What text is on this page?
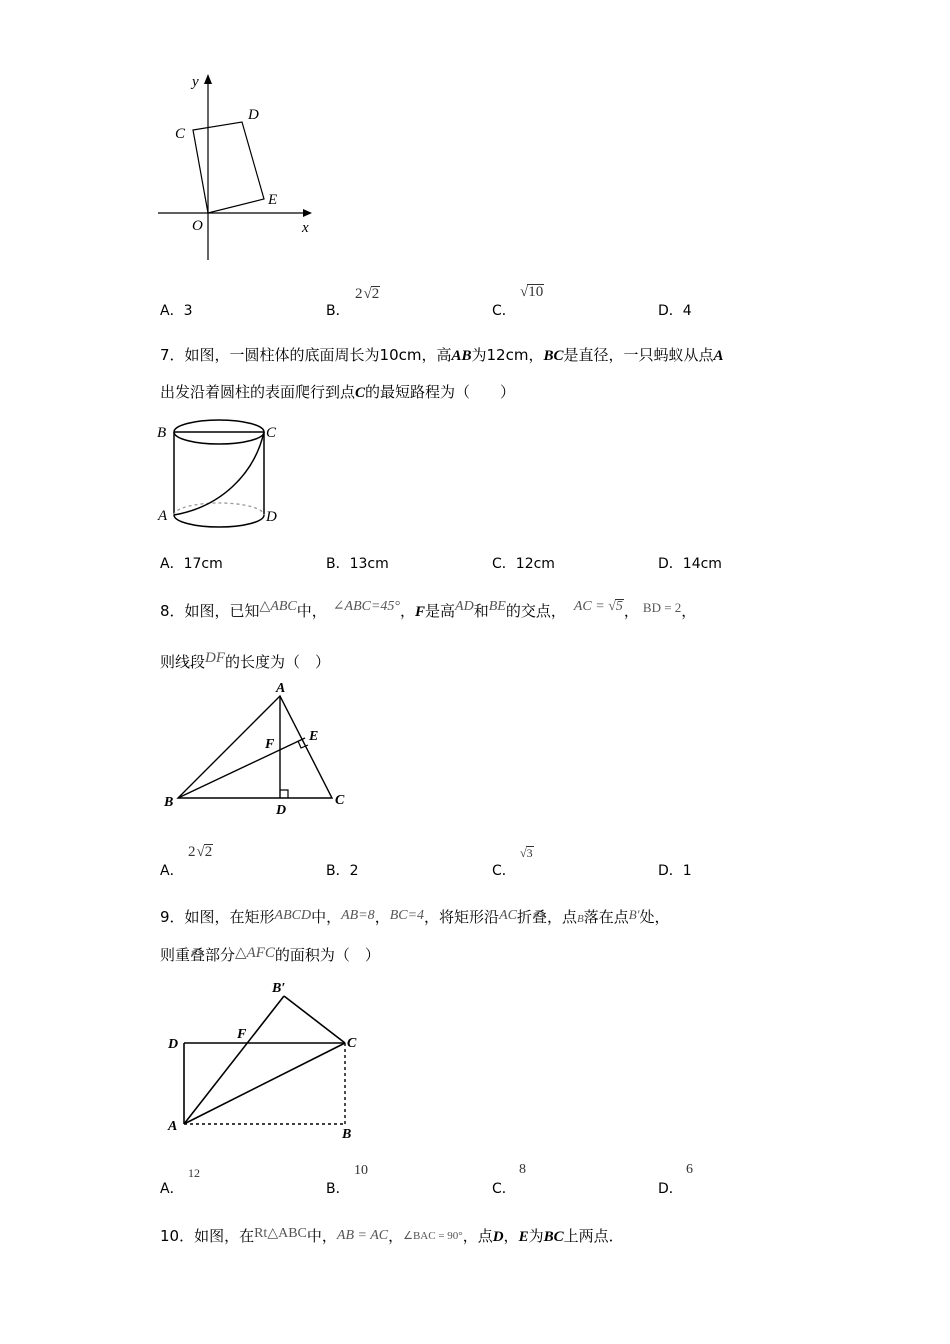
y
x
O
C
D
E
A．3	B．
2√2
C．
√10
D．4
7．如图，一圆柱体的底面周长为10cm，高AB为12cm，BC是直径，一只蚂蚁从点A
出发沿着圆柱的表面爬行到点C的最短路程为（　　）
B	C
A	D
A．17cm	B．13cm	C．12cm	D．14cm
8．如图，已知△ABC中， ∠ABC=45°，F是高AD和BE的交点， AC = √5， BD = 2，
则线段DF的长度为（　）
A
B	C
D
E
F
A．
2√2
B．2	C．
√3
D．1
9．如图，在矩形ABCD中，AB=8，BC=4，将矩形沿AC折叠，点B落在点B′处，
则重叠部分△AFC的面积为（　）
B′
D
F
C
A
B
A．
12
B．
10
C．
8
D．
6
10．如图，在Rt△ABC中，AB = AC，∠BAC = 90°，点D，E为BC上两点．
